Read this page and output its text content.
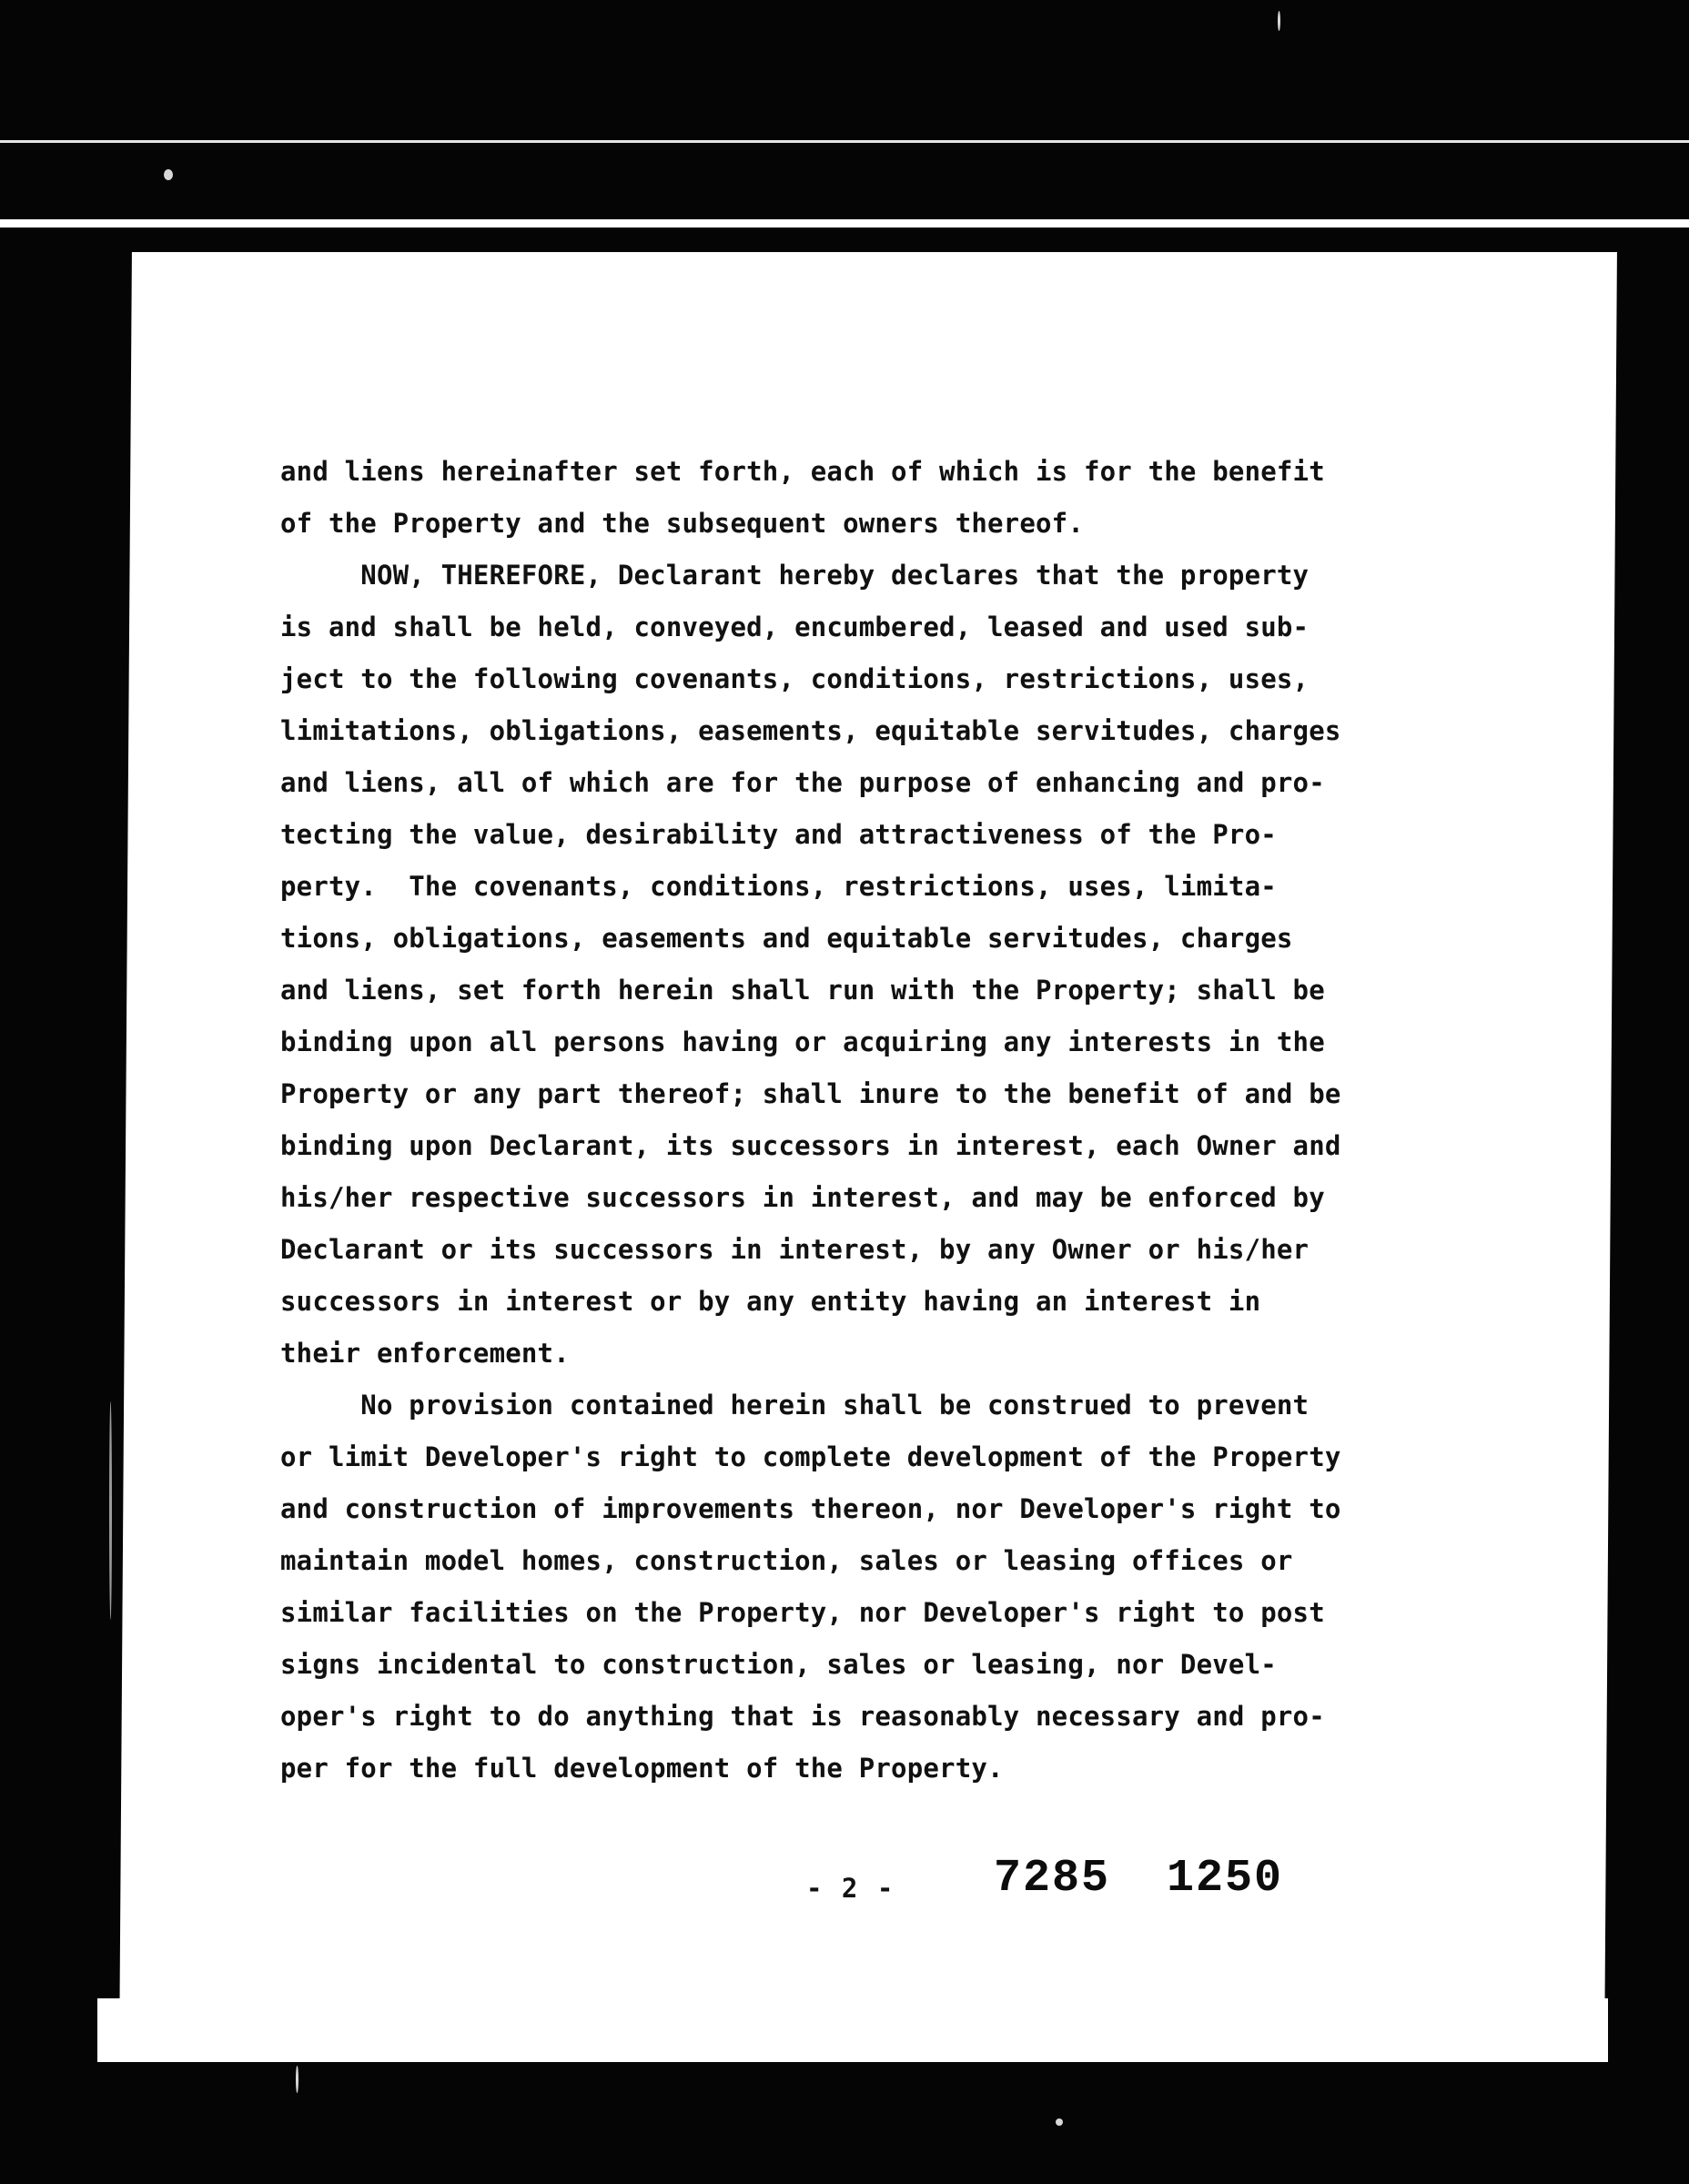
and liens hereinafter set forth, each of which is for the benefit
of the Property and the subsequent owners thereof.
NOW, THEREFORE, Declarant hereby declares that the property
is and shall be held, conveyed, encumbered, leased and used sub-
ject to the following covenants, conditions, restrictions, uses,
limitations, obligations, easements, equitable servitudes, charges
and liens, all of which are for the purpose of enhancing and pro-
tecting the value, desirability and attractiveness of the Pro-
perty.  The covenants, conditions, restrictions, uses, limita-
tions, obligations, easements and equitable servitudes, charges
and liens, set forth herein shall run with the Property; shall be
binding upon all persons having or acquiring any interests in the
Property or any part thereof; shall inure to the benefit of and be
binding upon Declarant, its successors in interest, each Owner and
his/her respective successors in interest, and may be enforced by
Declarant or its successors in interest, by any Owner or his/her
successors in interest or by any entity having an interest in
their enforcement.
No provision contained herein shall be construed to prevent
or limit Developer's right to complete development of the Property
and construction of improvements thereon, nor Developer's right to
maintain model homes, construction, sales or leasing offices or
similar facilities on the Property, nor Developer's right to post
signs incidental to construction, sales or leasing, nor Devel-
oper's right to do anything that is reasonably necessary and pro-
per for the full development of the Property.
- 2 - 7285 1250
